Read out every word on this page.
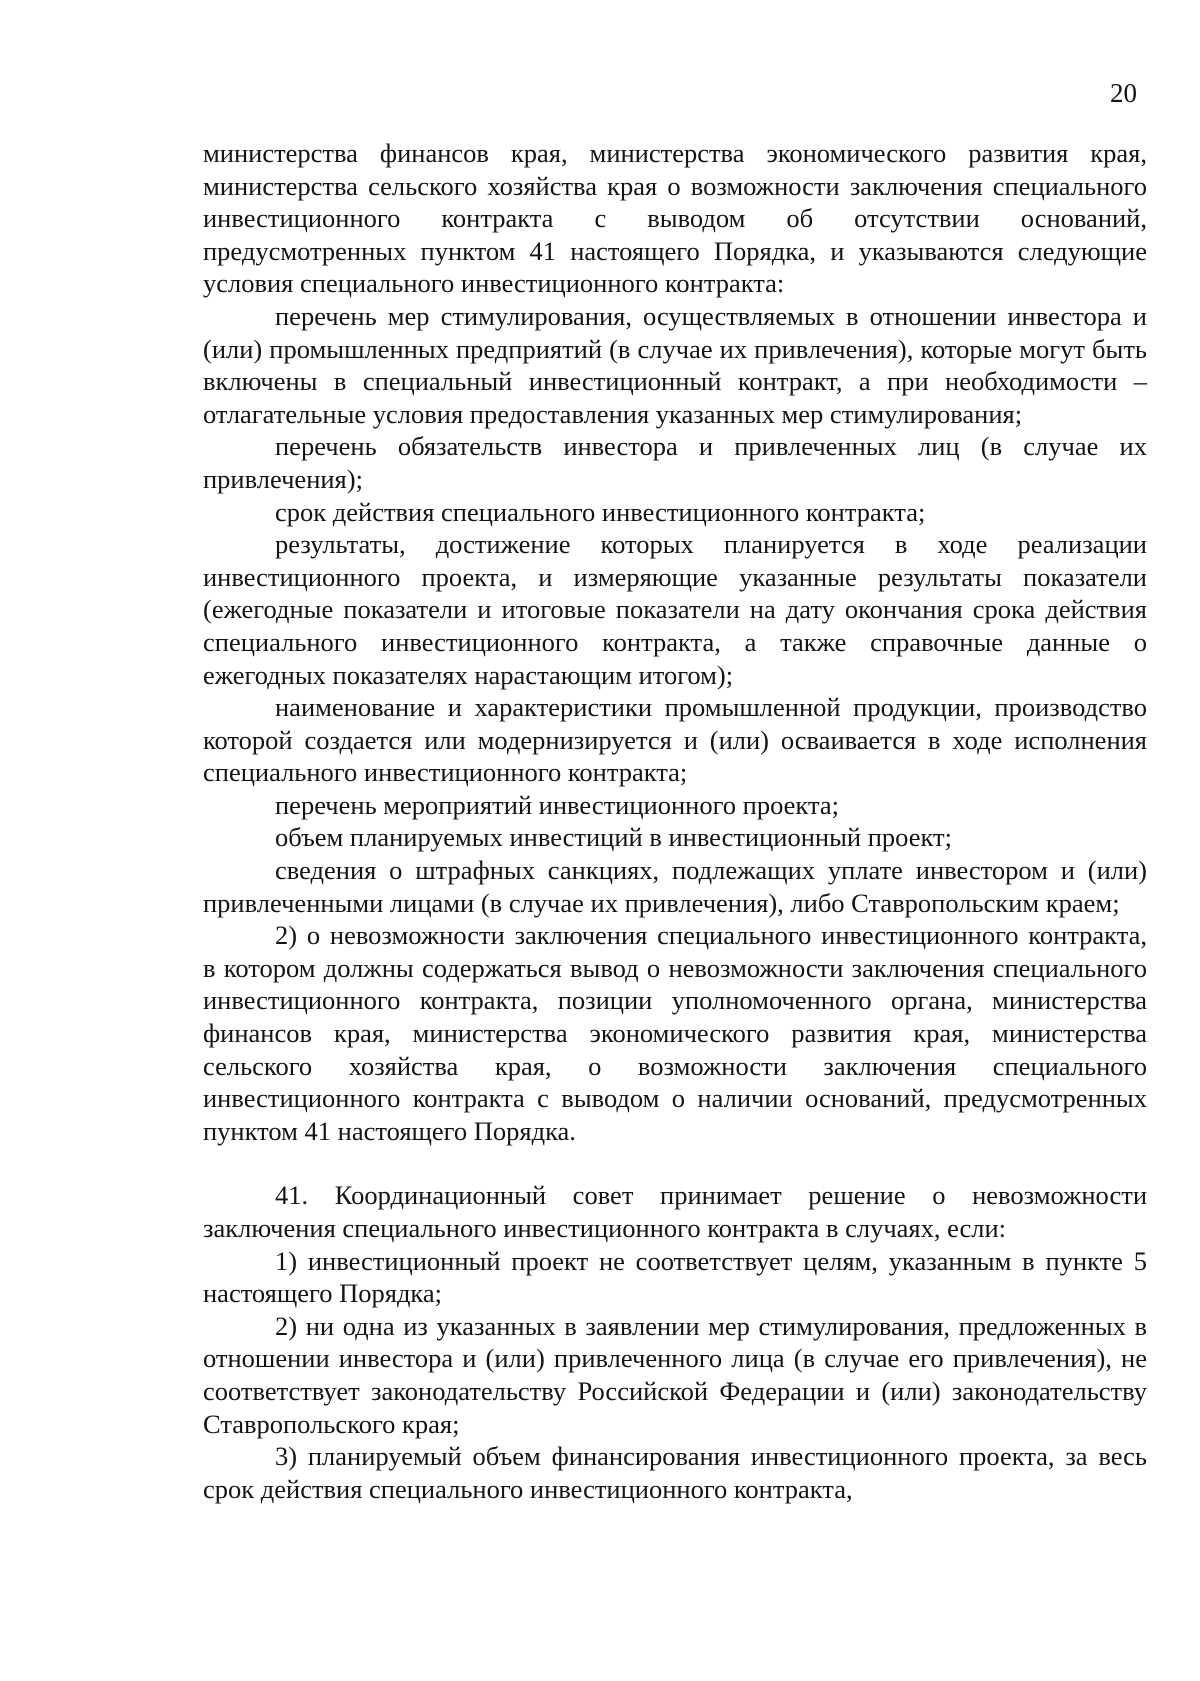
20

министерства финансов края, министерства экономического развития края, министерства сельского хозяйства края о возможности заключения специального инвестиционного контракта с выводом об отсутствии оснований, предусмотренных пунктом 41 настоящего Порядка, и указываются следующие условия специального инвестиционного контракта:

перечень мер стимулирования, осуществляемых в отношении инвестора и (или) промышленных предприятий (в случае их привлечения), которые могут быть включены в специальный инвестиционный контракт, а при необходимости – отлагательные условия предоставления указанных мер стимулирования;

перечень обязательств инвестора и привлеченных лиц (в случае их привлечения);

срок действия специального инвестиционного контракта;

результаты, достижение которых планируется в ходе реализации инвестиционного проекта, и измеряющие указанные результаты показатели (ежегодные показатели и итоговые показатели на дату окончания срока действия специального инвестиционного контракта, а также справочные данные о ежегодных показателях нарастающим итогом);

наименование и характеристики промышленной продукции, производство которой создается или модернизируется и (или) осваивается в ходе исполнения специального инвестиционного контракта;

перечень мероприятий инвестиционного проекта;

объем планируемых инвестиций в инвестиционный проект;

сведения о штрафных санкциях, подлежащих уплате инвестором и (или) привлеченными лицами (в случае их привлечения), либо Ставропольским краем;

2) о невозможности заключения специального инвестиционного контракта, в котором должны содержаться вывод о невозможности заключения специального инвестиционного контракта, позиции уполномоченного органа, министерства финансов края, министерства экономического развития края, министерства сельского хозяйства края, о возможности заключения специального инвестиционного контракта с выводом о наличии оснований, предусмотренных пунктом 41 настоящего Порядка.

41. Координационный совет принимает решение о невозможности заключения специального инвестиционного контракта в случаях, если:

1) инвестиционный проект не соответствует целям, указанным в пункте 5 настоящего Порядка;

2) ни одна из указанных в заявлении мер стимулирования, предложенных в отношении инвестора и (или) привлеченного лица (в случае его привлечения), не соответствует законодательству Российской Федерации и (или) законодательству Ставропольского края;

3) планируемый объем финансирования инвестиционного проекта, за весь срок действия специального инвестиционного контракта,
